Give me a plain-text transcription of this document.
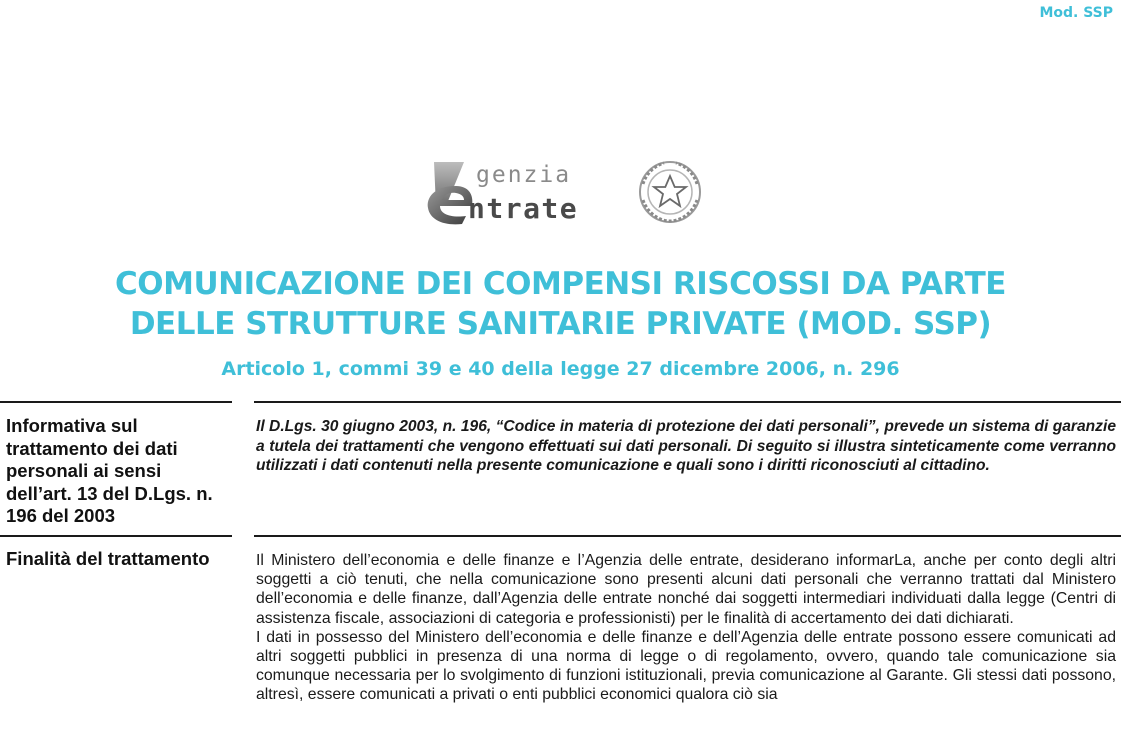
Mod. SSP
genzia
ntrate
COMUNICAZIONE DEI COMPENSI RISCOSSI DA PARTE
DELLE STRUTTURE SANITARIE PRIVATE (MOD. SSP)
Articolo 1, commi 39 e 40 della legge 27 dicembre 2006, n. 296
Informativa sul trattamento dei dati personali ai sensi dell’art. 13 del D.Lgs. n. 196 del 2003
Il D.Lgs. 30 giugno 2003, n. 196, “Codice in materia di protezione dei dati personali”, prevede un sistema di garanzie a tutela dei trattamenti che vengono effettuati sui dati personali. Di seguito si illustra sinteticamente come verranno utilizzati i dati contenuti nella presente comunicazione e quali sono i diritti riconosciuti al cittadino.
Finalità del trattamento	Il Ministero dell’economia e delle finanze e l’Agenzia delle entrate, desiderano informarLa, anche per conto degli altri soggetti a ciò tenuti, che nella comunicazione sono presenti alcuni dati personali che verranno trattati dal Ministero dell’economia e delle finanze, dall’Agenzia delle entrate nonché dai soggetti intermediari individuati dalla legge (Centri di assistenza fiscale, associazioni di categoria e professionisti) per le finalità di accertamento dei dati dichiarati.

I dati in possesso del Ministero dell’economia e delle finanze e dell’Agenzia delle entrate possono essere comunicati ad altri soggetti pubblici in presenza di una norma di legge o di regolamento, ovvero, quando tale comunicazione sia comunque necessaria per lo svolgimento di funzioni istituzionali, previa comunicazione al Garante. Gli stessi dati possono, altresì, essere comunicati a privati o enti pubblici economici qualora ciò sia
